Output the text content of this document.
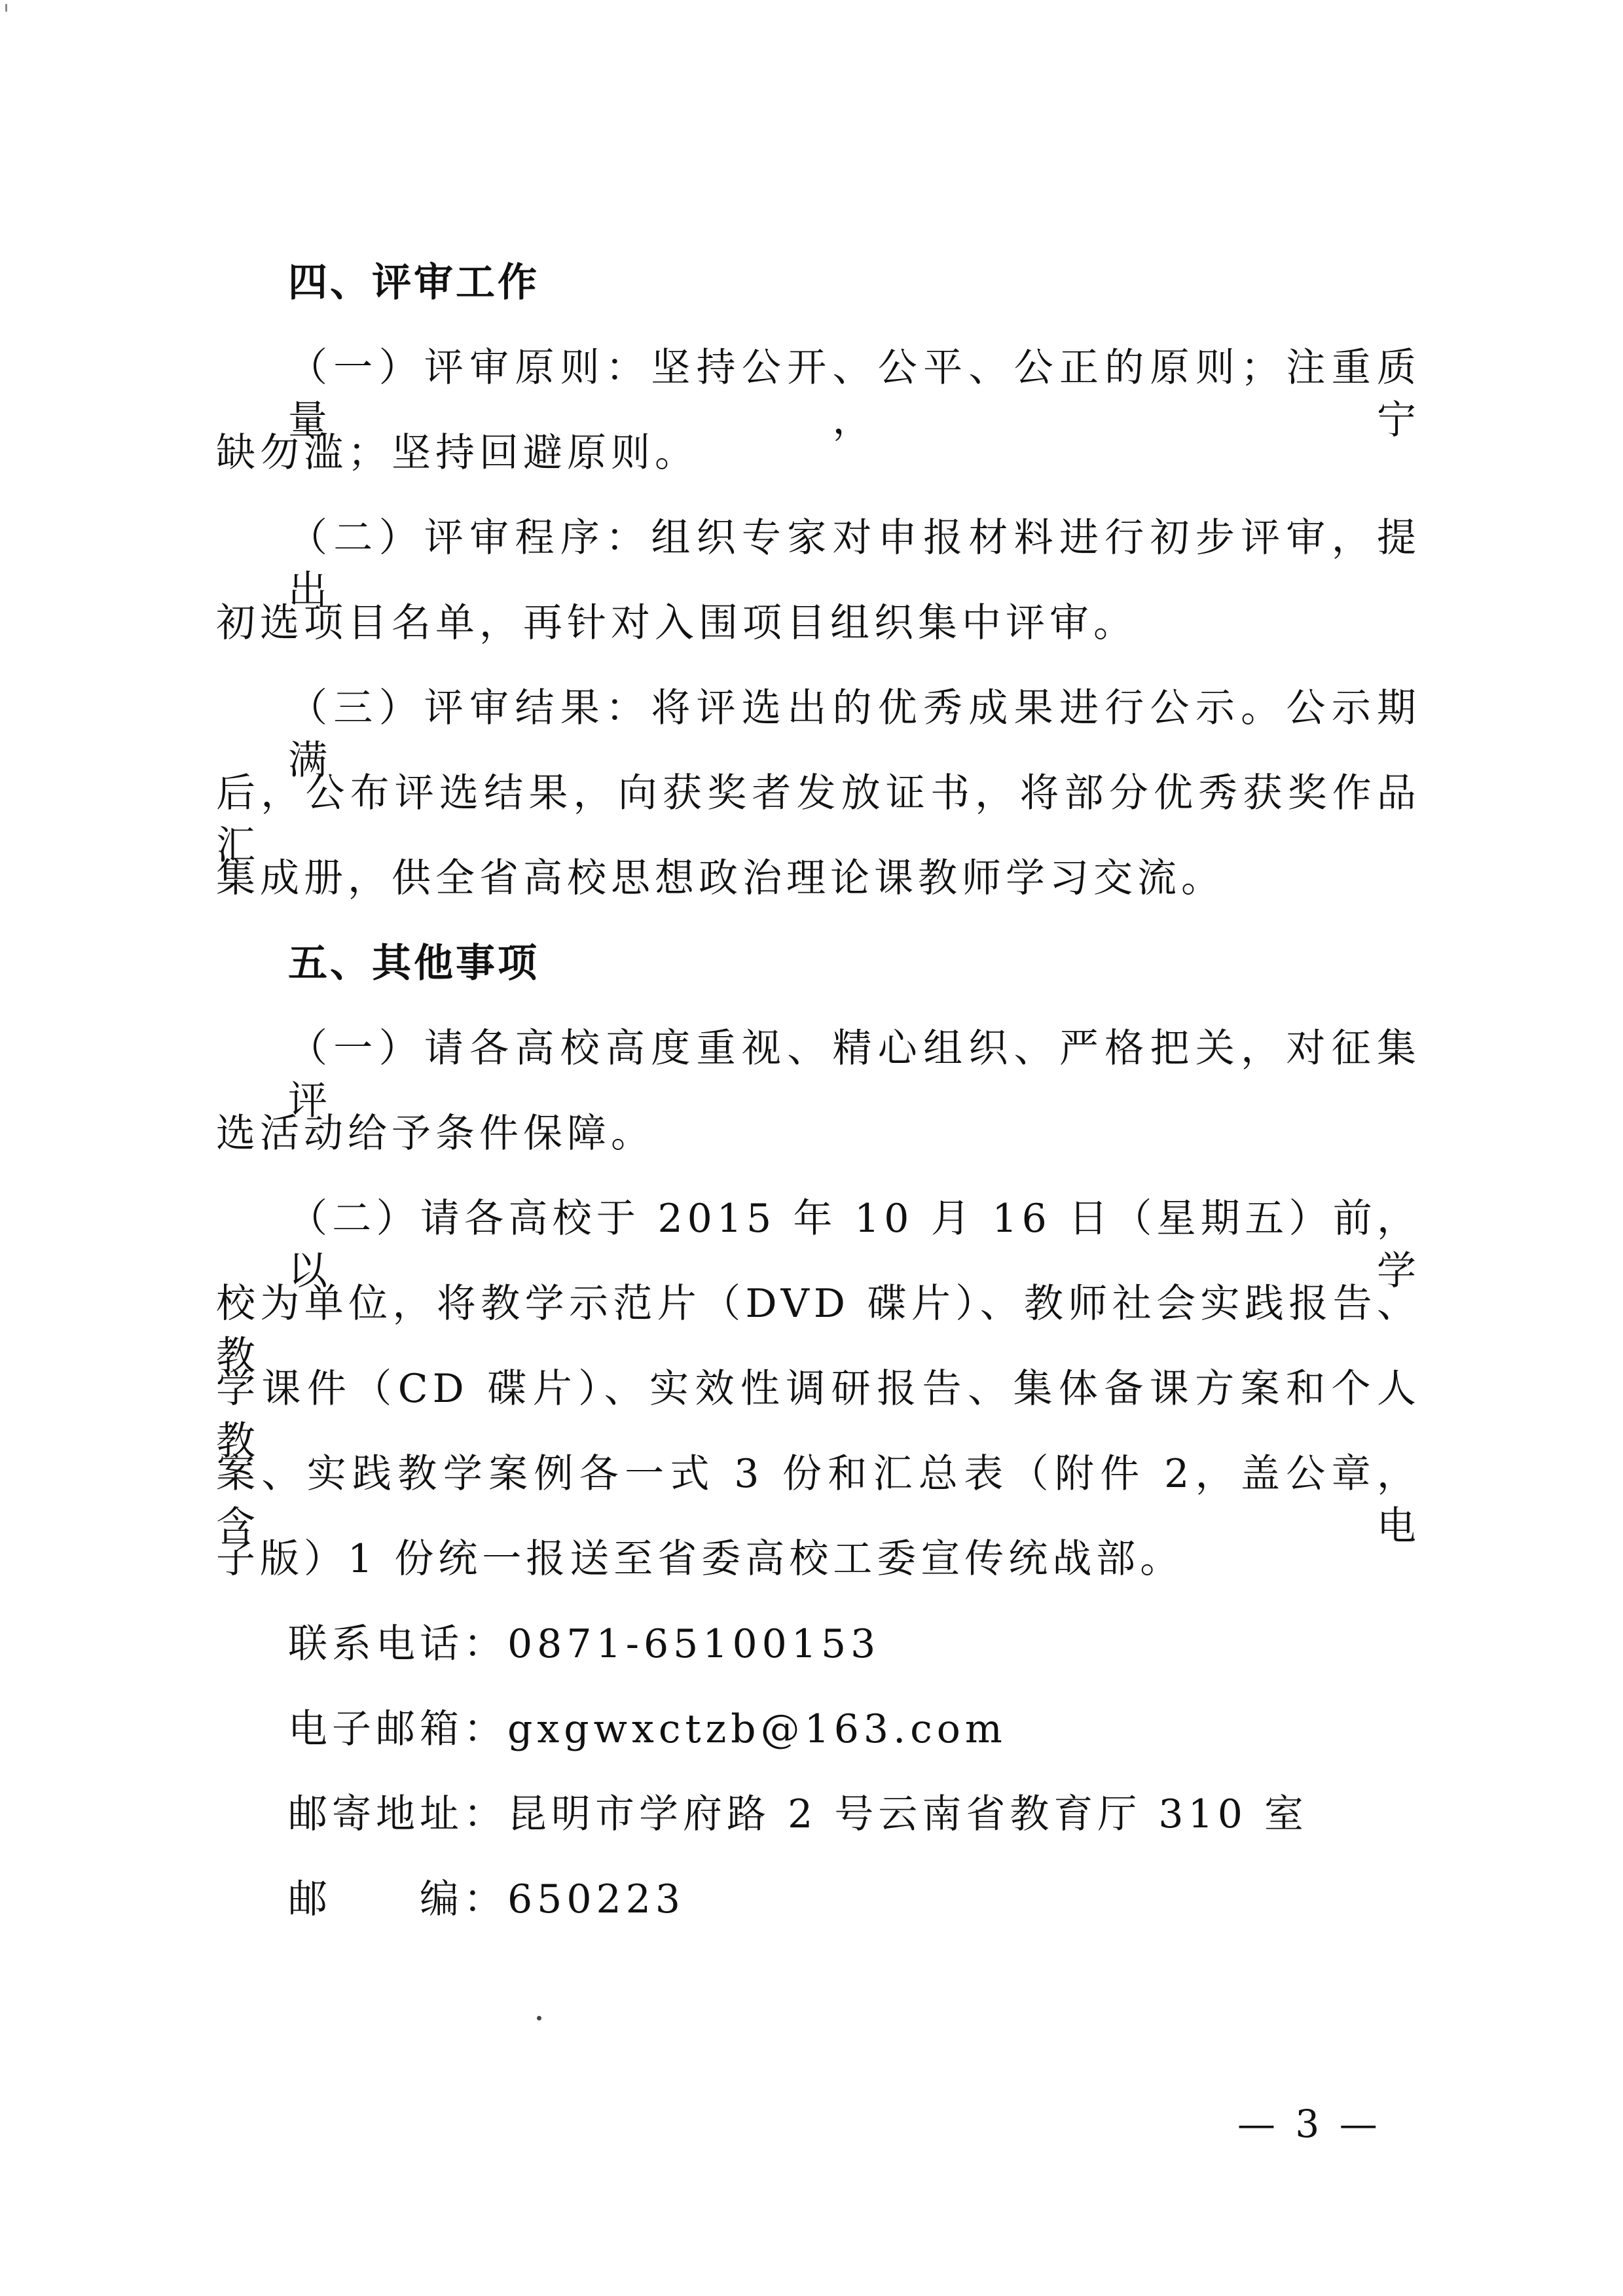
四、评审工作
（一）评审原则：坚持公开、公平、公正的原则；注重质量，宁
缺勿滥；坚持回避原则。
（二）评审程序：组织专家对申报材料进行初步评审，提出
初选项目名单，再针对入围项目组织集中评审。
（三）评审结果：将评选出的优秀成果进行公示。公示期满
后，公布评选结果，向获奖者发放证书，将部分优秀获奖作品汇
集成册，供全省高校思想政治理论课教师学习交流。
五、其他事项
（一）请各高校高度重视、精心组织、严格把关，对征集评
选活动给予条件保障。
（二）请各高校于 2015 年 10 月 16 日（星期五）前，以学
校为单位，将教学示范片（DVD 碟片）、教师社会实践报告、教
学课件（CD 碟片）、实效性调研报告、集体备课方案和个人教
案、实践教学案例各一式 3 份和汇总表（附件 2，盖公章，含电
子版）1 份统一报送至省委高校工委宣传统战部。
联系电话：0871-65100153
电子邮箱：gxgwxctzb@163.com
邮寄地址：昆明市学府路 2 号云南省教育厅 310 室
邮　　编：650223
— 3 —
